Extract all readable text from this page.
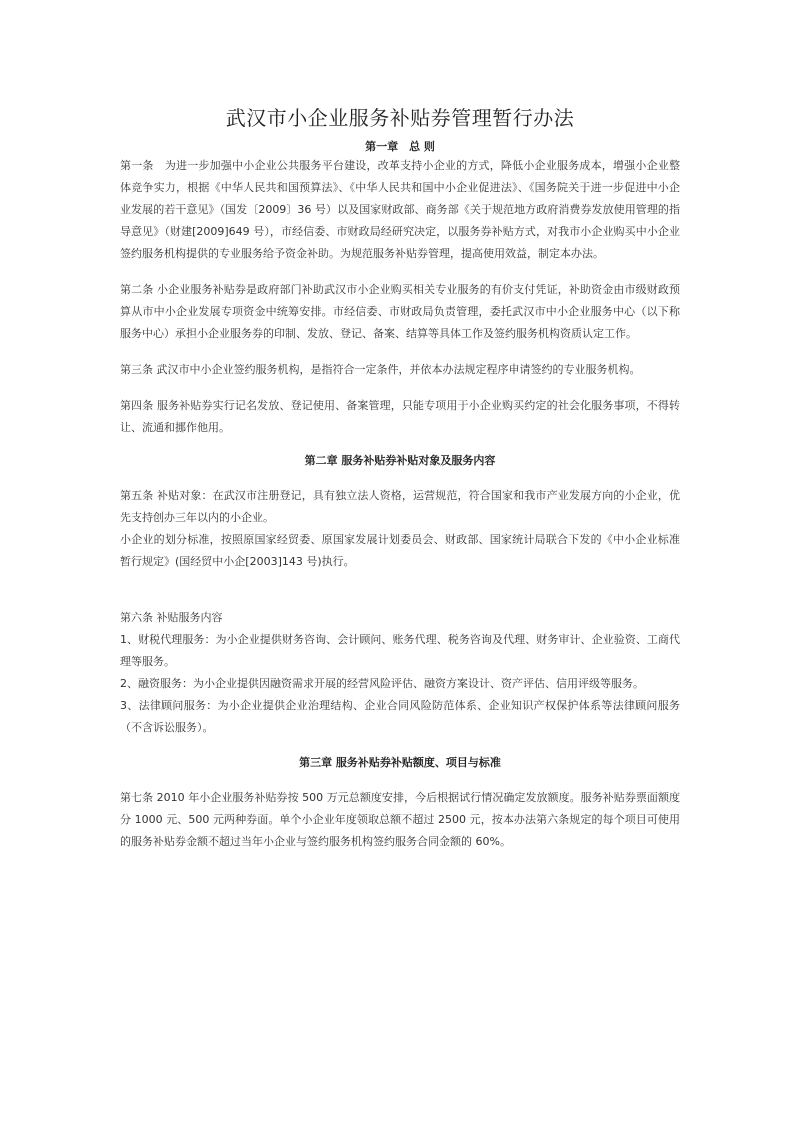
武汉市小企业服务补贴券管理暂行办法
第一章　总 则

第一条　为进一步加强中小企业公共服务平台建设，改革支持小企业的方式，降低小企业服务成本，增强小企业整体竞争实力，根据《中华人民共和国预算法》、《中华人民共和国中小企业促进法》、《国务院关于进一步促进中小企业发展的若干意见》（国发〔2009〕36 号）以及国家财政部、商务部《关于规范地方政府消费券发放使用管理的指导意见》（财建[2009]649 号），市经信委、市财政局经研究决定，以服务券补贴方式，对我市小企业购买中小企业签约服务机构提供的专业服务给予资金补助。为规范服务补贴券管理，提高使用效益，制定本办法。

第二条 小企业服务补贴券是政府部门补助武汉市小企业购买相关专业服务的有价支付凭证，补助资金由市级财政预算从市中小企业发展专项资金中统筹安排。市经信委、市财政局负责管理，委托武汉市中小企业服务中心（以下称服务中心）承担小企业服务券的印制、发放、登记、备案、结算等具体工作及签约服务机构资质认定工作。

第三条 武汉市中小企业签约服务机构，是指符合一定条件，并依本办法规定程序申请签约的专业服务机构。

第四条 服务补贴券实行记名发放、登记使用、备案管理，只能专项用于小企业购买约定的社会化服务事项，不得转让、流通和挪作他用。

第二章 服务补贴券补贴对象及服务内容

第五条 补贴对象：在武汉市注册登记，具有独立法人资格，运营规范，符合国家和我市产业发展方向的小企业，优先支持创办三年以内的小企业。

小企业的划分标准，按照原国家经贸委、原国家发展计划委员会、财政部、国家统计局联合下发的《中小企业标准暂行规定》(国经贸中小企[2003]143 号)执行。

第六条 补贴服务内容

1、财税代理服务：为小企业提供财务咨询、会计顾问、账务代理、税务咨询及代理、财务审计、企业验资、工商代理等服务。

2、融资服务：为小企业提供因融资需求开展的经营风险评估、融资方案设计、资产评估、信用评级等服务。

3、法律顾问服务：为小企业提供企业治理结构、企业合同风险防范体系、企业知识产权保护体系等法律顾问服务（不含诉讼服务）。

第三章 服务补贴券补贴额度、项目与标准

第七条 2010 年小企业服务补贴券按 500 万元总额度安排，今后根据试行情况确定发放额度。服务补贴券票面额度分 1000 元、500 元两种券面。单个小企业年度领取总额不超过 2500 元，按本办法第六条规定的每个项目可使用的服务补贴券金额不超过当年小企业与签约服务机构签约服务合同金额的 60%。
